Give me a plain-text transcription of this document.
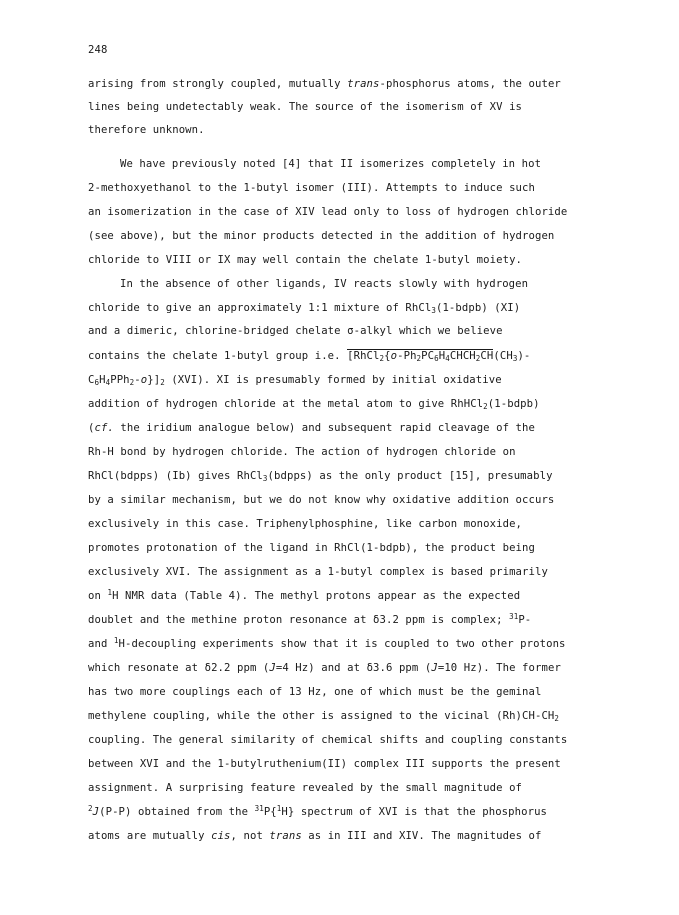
248
arising from strongly coupled, mutually trans-phosphorus atoms, the outer
lines being undetectably weak. The source of the isomerism of XV is
therefore unknown.
We have previously noted [4] that II isomerizes completely in hot
2-methoxyethanol to the 1-butyl isomer (III). Attempts to induce such
an isomerization in the case of XIV lead only to loss of hydrogen chloride
(see above), but the minor products detected in the addition of hydrogen
chloride to VIII or IX may well contain the chelate 1-butyl moiety.
In the absence of other ligands, IV reacts slowly with hydrogen
chloride to give an approximately 1:1 mixture of RhCl$_3$(1-bdpb) (XI)
and a dimeric, chlorine-bridged chelate σ-alkyl which we believe
contains the chelate 1-butyl group i.e. [$RhCl_2\{o-Ph_2PC_6H_4CHCH_2CH(CH_3)-$
$C_6H_4PPh_2-o\}]_2$ (XVI). XI is presumably formed by initial oxidative
addition of hydrogen chloride at the metal atom to give RhHCl$_2$(1-bdpb)
(cf. the iridium analogue below) and subsequent rapid cleavage of the
Rh-H bond by hydrogen chloride. The action of hydrogen chloride on
RhCl(bdpps) (Ib) gives RhCl$_3$(bdpps) as the only product [15], presumably
by a similar mechanism, but we do not know why oxidative addition occurs
exclusively in this case. Triphenylphosphine, like carbon monoxide,
promotes protonation of the ligand in RhCl(1-bdpb), the product being
exclusively XVI. The assignment as a 1-butyl complex is based primarily
on $^1$H NMR data (Table 4). The methyl protons appear as the expected
doublet and the methine proton resonance at δ3.2 ppm is complex; $^{31}$P-
and $^1$H-decoupling experiments show that it is coupled to two other protons
which resonate at δ2.2 ppm (J=4 Hz) and at δ3.6 ppm (J=10 Hz). The former
has two more couplings each of 13 Hz, one of which must be the geminal
methylene coupling, while the other is assigned to the vicinal $(Rh)CH-CH_2$
coupling. The general similarity of chemical shifts and coupling constants
between XVI and the 1-butylruthenium(II) complex III supports the present
assignment. A surprising feature revealed by the small magnitude of
$^2$J(P-P) obtained from the $^{31}$P{$^1$H} spectrum of XVI is that the phosphorus
atoms are mutually cis, not trans as in III and XIV. The magnitudes of
